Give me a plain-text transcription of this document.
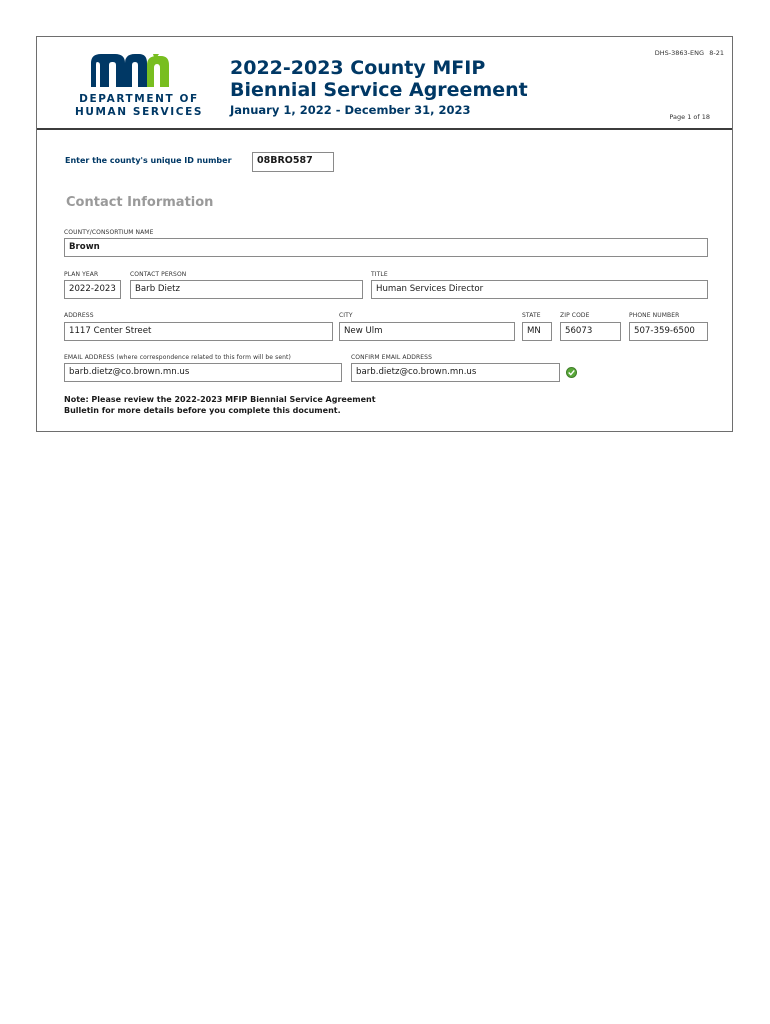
DEPARTMENT OF
HUMAN SERVICES
2022-2023 County MFIP
Biennial Service Agreement
January 1, 2022 - December 31, 2023
DHS-3863-ENG 8-21
Page 1 of 18
Enter the county's unique ID number	08BRO587
Contact Information
COUNTY/CONSORTIUM NAME
Brown
PLAN YEAR
2022-2023
CONTACT PERSON
Barb Dietz
TITLE
Human Services Director
ADDRESS
1117 Center Street
CITY
New Ulm
STATE
MN
ZIP CODE
56073
PHONE NUMBER
507-359-6500
EMAIL ADDRESS (where correspondence related to this form will be sent)
barb.dietz@co.brown.mn.us
CONFIRM EMAIL ADDRESS
barb.dietz@co.brown.mn.us
Note: Please review the 2022-2023 MFIP Biennial Service Agreement
Bulletin for more details before you complete this document.
